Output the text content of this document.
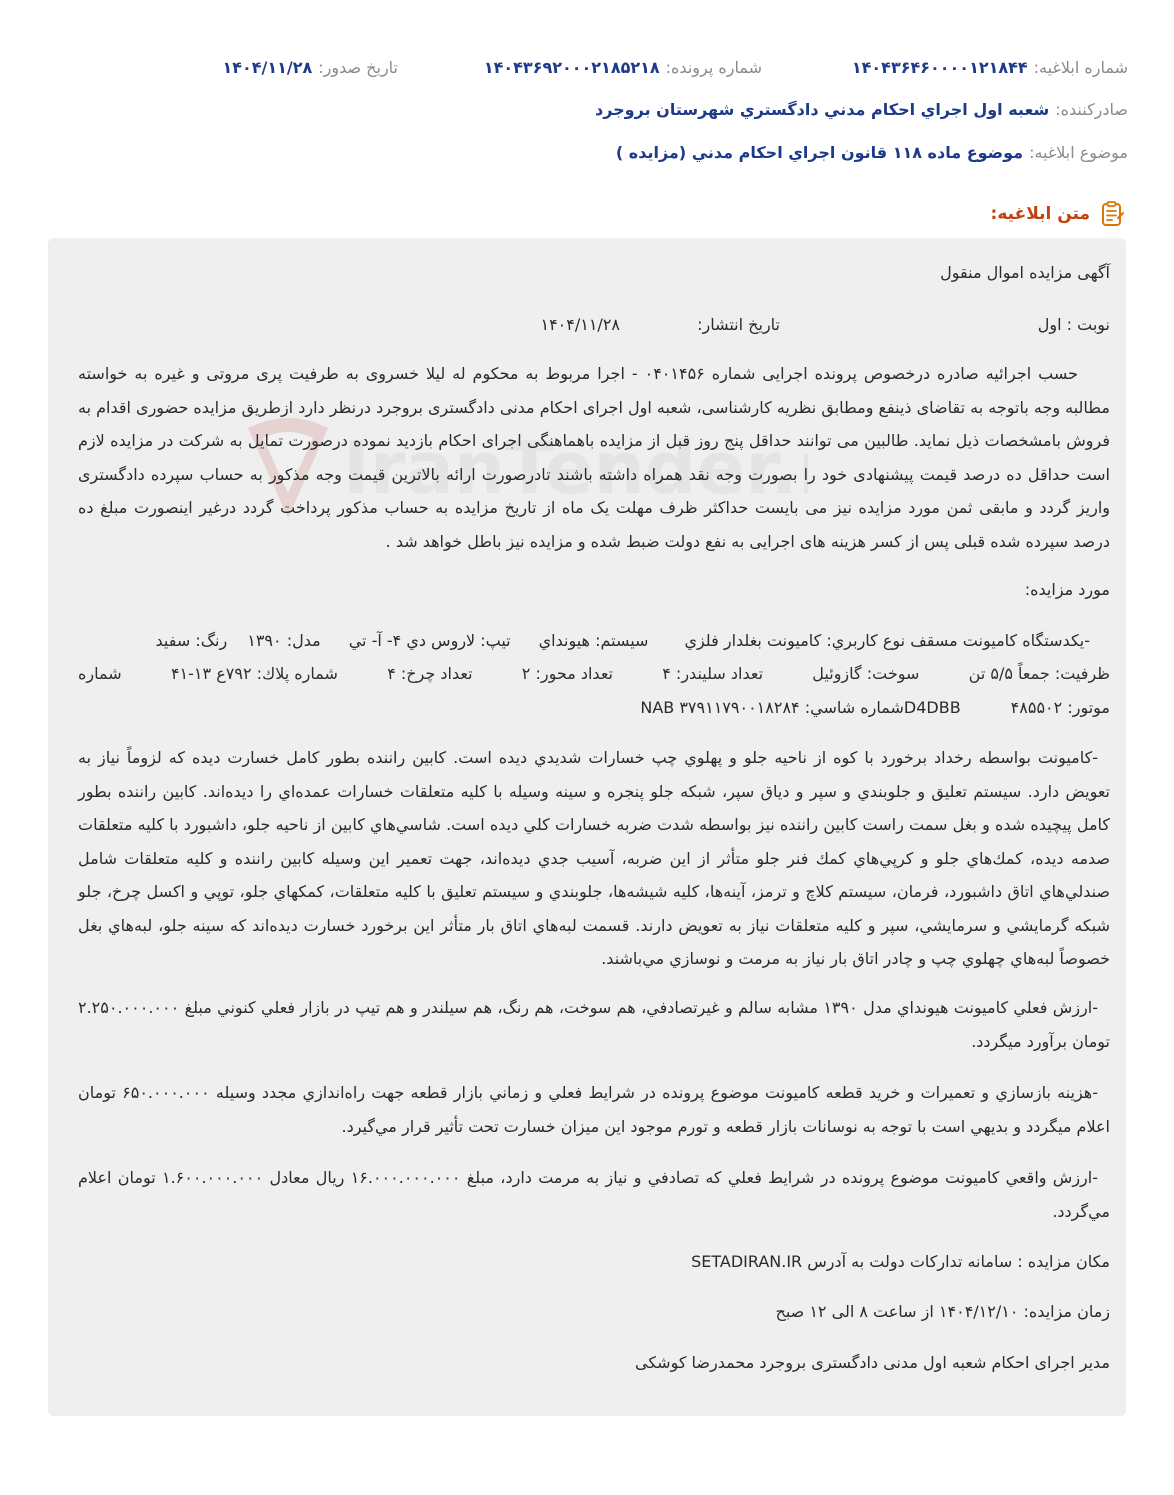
شماره ابلاغیه:۱۴۰۴۳۶۴۶۰۰۰۰۱۲۱۸۴۴
شماره پرونده:۱۴۰۴۳۶۹۲۰۰۰۲۱۸۵۲۱۸
تاریخ صدور:۱۴۰۴/۱۱/۲۸
صادرکننده:
شعبه اول اجراي احكام مدني دادگستري شهرستان بروجرد
موضوع ابلاغیه:
موضوع ماده ۱۱۸ قانون اجراي احكام مدني (مزايده )
متن ابلاغیه:
آگهی مزایده اموال منقول
نوبت : اول
تاریخ انتشار:
۱۴۰۴/۱۱/۲۸
حسب اجرائیه صادره درخصوص پرونده اجرایی شماره ۰۴۰۱۴۵۶ - اجرا مربوط به محکوم له لیلا خسروی به طرفیت پری مروتی و غیره به خواسته مطالبه وجه باتوجه به تقاضای ذینفع ومطابق نظریه کارشناسی، شعبه اول اجرای احکام مدنی دادگستری بروجرد درنظر دارد ازطریق مزایده حضوری اقدام به فروش بامشخصات ذیل نماید. طالبین می توانند حداقل پنج روز قبل از مزایده باهماهنگی اجرای احکام بازدید نموده درصورت تمایل به شرکت در مزایده لازم است حداقل ده درصد قیمت پیشنهادی خود را بصورت وجه نقد همراه داشته باشند تادرصورت ارائه بالاترین قیمت وجه مذکور به حساب سپرده دادگستری واریز گردد و مابقی ثمن مورد مزایده نیز می بایست حداکثر ظرف مهلت یک ماه از تاریخ مزایده به حساب مذکور پرداخت گردد درغیر اینصورت مبلغ ده درصد سپرده شده قبلی پس از کسر هزینه های اجرایی به نفع دولت ضبط شده و مزایده نیز باطل خواهد شد .
مورد مزایده:
-يكدستگاه كاميونت مسقف نوع كاربري: كاميونت بغلدار فلزي
سيستم: هيونداي
تيپ: لاروس دي ۴- آ- تي
مدل: ۱۳۹۰
رنگ: سفيد
ظرفيت: جمعاً ۵/۵ تن
سوخت: گازوئيل
تعداد سلیندر: ۴
تعداد محور: ۲
تعداد چرخ: ۴
شماره پلاك: ۷۹۲ع ۱۳-۴۱
شماره
موتور: ۴۸۵۵۰۲
D4DBBشماره شاسي: NAB ۳۷۹۱۱۷۹۰۰۱۸۲۸۴
-كاميونت بواسطه رخداد برخورد با كوه از ناحيه جلو و پهلوي چپ خسارات شديدي ديده است. كابين راننده بطور كامل خسارت ديده كه لزوماً نياز به تعويض دارد. سيستم تعليق و جلوبندي و سپر و دياق سپر، شبكه جلو پنجره و سينه وسيله با كليه متعلقات خسارات عمده‌اي را ديده‌اند. كابين راننده بطور كامل پيچيده شده و بغل سمت راست كابين راننده نيز بواسطه شدت ضربه خسارات كلي ديده است. شاسي‌هاي كابين از ناحيه جلو، داشبورد با كليه متعلقات صدمه ديده، كمك‌هاي جلو و كرپي‌هاي كمك فنر جلو متأثر از اين ضربه، آسيب جدي ديده‌اند، جهت تعمير اين وسيله كابين راننده و كليه متعلقات شامل صندلي‌هاي اتاق داشبورد، فرمان، سيستم كلاچ و ترمز، آينه‌ها، كليه شيشه‌ها، جلوبندي و سيستم تعليق با كليه متعلقات، كمكهاي جلو، توپي و اكسل چرخ، جلو شبكه گرمايشي و سرمايشي، سپر و كليه متعلقات نياز به تعويض دارند. قسمت لبه‌هاي اتاق بار متأثر اين برخورد خسارت ديده‌اند كه سينه جلو، لبه‌هاي بغل خصوصاً لبه‌هاي چهلوي چپ و چادر اتاق بار نياز به مرمت و نوسازي مي‌باشند.
-ارزش فعلي كاميونت هيونداي مدل ۱۳۹۰ مشابه سالم و غيرتصادفي، هم سوخت، هم رنگ، هم سيلندر و هم تيپ در بازار فعلي كنوني مبلغ ۲.۲۵۰.۰۰۰.۰۰۰ تومان برآورد ميگردد.
-هزينه بازسازي و تعميرات و خريد قطعه كاميونت موضوع پرونده در شرايط فعلي و زماني بازار قطعه جهت راه‌اندازي مجدد وسيله ۶۵۰.۰۰۰.۰۰۰ تومان اعلام ميگردد و بديهي است با توجه به نوسانات بازار قطعه و تورم موجود اين ميزان خسارت تحت تأثير قرار مي‌گيرد.
-ارزش واقعي كاميونت موضوع پرونده در شرايط فعلي كه تصادفي و نياز به مرمت دارد، مبلغ ۱۶.۰۰۰.۰۰۰.۰۰۰ ريال معادل ۱.۶۰۰.۰۰۰.۰۰۰ تومان اعلام مي‌گردد.
مکان مزایده : سامانه تداركات دولت به آدرس SETADIRAN.IR
زمان مزایده: ۱۴۰۴/۱۲/۱۰ از ساعت ۸ الی ۱۲ صبح
مدیر اجرای احکام شعبه اول مدنی دادگستری بروجرد محمدرضا کوشکی
